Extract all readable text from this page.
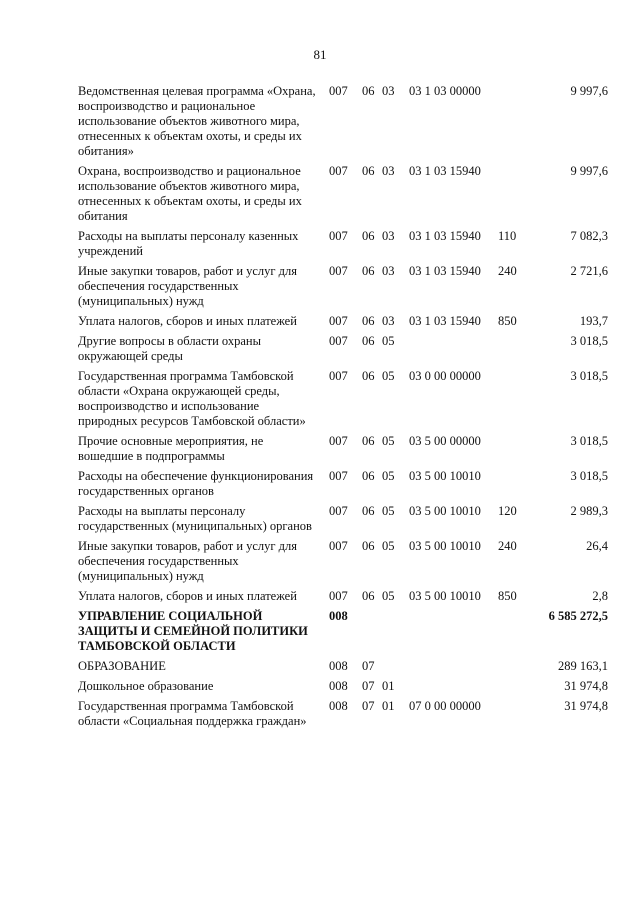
81
Ведомственная целевая программа «Охрана, воспроизводство и рациональное использование объектов животного мира, отнесенных к объектам охоты, и среды их обитания»
007 06 03 03 1 03 00000	9 997,6
Охрана, воспроизводство и рациональное использование объектов животного мира, отнесенных к объектам охоты, и среды их обитания
007 06 03 03 1 03 15940	9 997,6
Расходы на выплаты персоналу казенных учреждений
007 06 03 03 1 03 15940 110	7 082,3
Иные закупки товаров, работ и услуг для обеспечения государственных (муниципальных) нужд
007 06 03 03 1 03 15940 240	2 721,6
Уплата налогов, сборов и иных платежей	007 06 03 03 1 03 15940 850	193,7
Другие вопросы в области охраны окружающей среды
007 06 05	3 018,5
Государственная программа Тамбовской области «Охрана окружающей среды, воспроизводство и использование природных ресурсов Тамбовской области»
007 06 05 03 0 00 00000	3 018,5
Прочие основные мероприятия, не вошедшие в подпрограммы
007 06 05 03 5 00 00000	3 018,5
Расходы на обеспечение функционирования государственных органов
007 06 05 03 5 00 10010	3 018,5
Расходы на выплаты персоналу государственных (муниципальных) органов
007 06 05 03 5 00 10010 120	2 989,3
Иные закупки товаров, работ и услуг для обеспечения государственных (муниципальных) нужд
007 06 05 03 5 00 10010 240	26,4
Уплата налогов, сборов и иных платежей	007 06 05 03 5 00 10010 850	2,8
УПРАВЛЕНИЕ СОЦИАЛЬНОЙ ЗАЩИТЫ И СЕМЕЙНОЙ ПОЛИТИКИ ТАМБОВСКОЙ ОБЛАСТИ
008	6 585 272,5
ОБРАЗОВАНИЕ	008 07	289 163,1
Дошкольное образование	008 07 01	31 974,8
Государственная программа Тамбовской области «Социальная поддержка граждан»
008 07 01 07 0 00 00000	31 974,8
